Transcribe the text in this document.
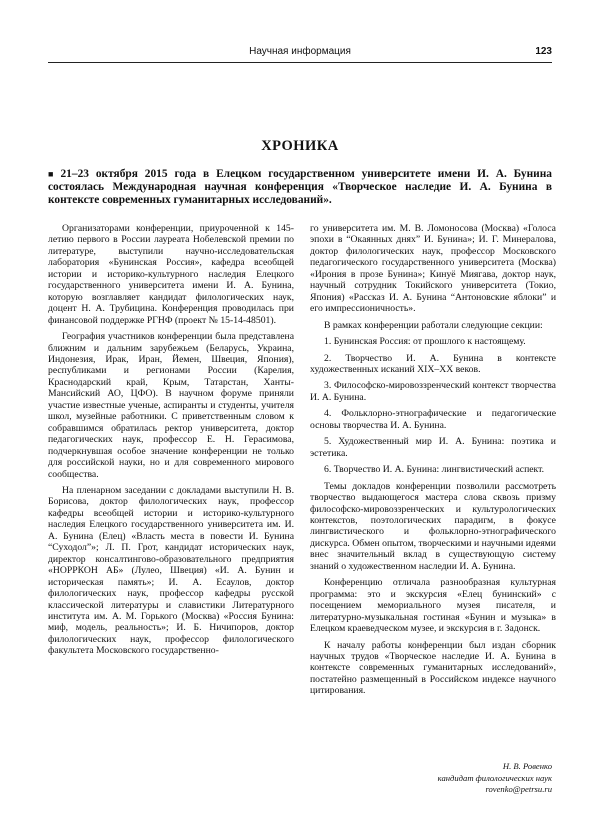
Научная информация	123
ХРОНИКА
■ 21–23 октября 2015 года в Елецком государственном университете имени И. А. Бунина состоялась Международная научная конференция «Творческое наследие И. А. Бунина в контексте современных гуманитарных исследований».

Организаторами конференции, приуроченной к 145-летию первого в России лауреата Нобелевской премии по литературе, выступили научно-исследовательская лаборатория «Бунинская Россия», кафедра всеобщей истории и историко-культурного наследия Елецкого государственного университета имени И. А. Бунина, которую возглавляет кандидат филологических наук, доцент Н. А. Трубицина. Конференция проводилась при финансовой поддержке РГНФ (проект № 15-14-48501).

География участников конференции была представлена ближним и дальним зарубежьем (Беларусь, Украина, Индонезия, Ирак, Иран, Йемен, Швеция, Япония), республиками и регионами России (Карелия, Краснодарский край, Крым, Татарстан, Ханты-Мансийский АО, ЦФО). В научном форуме приняли участие известные ученые, аспиранты и студенты, учителя школ, музейные работники. С приветственным словом к собравшимся обратилась ректор университета, доктор педагогических наук, профессор Е. Н. Герасимова, подчеркнувшая особое значение конференции не только для российской науки, но и для современного мирового сообщества.

На пленарном заседании с докладами выступили Н. В. Борисова, доктор филологических наук, профессор кафедры всеобщей истории и историко-культурного наследия Елецкого государственного университета им. И. А. Бунина (Елец) «Власть места в повести И. Бунина “Суходол”»; Л. П. Грот, кандидат исторических наук, директор консалтингово-образовательного предприятия «НОРРКОН АБ» (Лулео, Швеция) «И. А. Бунин и историческая память»; И. А. Есаулов, доктор филологических наук, профессор кафедры русской классической литературы и славистики Литературного института им. А. М. Горького (Москва) «Россия Бунина: миф, модель, реальность»; И. Б. Ничипоров, доктор филологических наук, профессор филологического факультета Московского государственно-

го университета им. М. В. Ломоносова (Москва) «Голоса эпохи в “Окаянных днях” И. Бунина»; И. Г. Минералова, доктор филологических наук, профессор Московского педагогического государственного университета (Москва) «Ирония в прозе Бунина»; Кинуё Миягава, доктор наук, научный сотрудник Токийского университета (Токио, Япония) «Рассказ И. А. Бунина “Антоновские яблоки” и его импрессионичность».

В рамках конференции работали следующие секции:

1. Бунинская Россия: от прошлого к настоящему.

2. Творчество И. А. Бунина в контексте художественных исканий XIX–XX веков.

3. Философско-мировоззренческий контекст творчества И. А. Бунина.

4. Фольклорно-этнографические и педагогические основы творчества И. А. Бунина.

5. Художественный мир И. А. Бунина: поэтика и эстетика.

6. Творчество И. А. Бунина: лингвистический аспект.

Темы докладов конференции позволили рассмотреть творчество выдающегося мастера слова сквозь призму философско-мировоззренческих и культурологических контекстов, поэтологических парадигм, в фокусе лингвистического и фольклорно-этнографического дискурса. Обмен опытом, творческими и научными идеями внес значительный вклад в существующую систему знаний о художественном наследии И. А. Бунина.

Конференцию отличала разнообразная культурная программа: это и экскурсия «Елец бунинский» с посещением мемориального музея писателя, и литературно-музыкальная гостиная «Бунин и музыка» в Елецком краеведческом музее, и экскурсия в г. Задонск.

К началу работы конференции был издан сборник научных трудов «Творческое наследие И. А. Бунина в контексте современных гуманитарных исследований», постатейно размещенный в Российском индексе научного цитирования.

Н. В. Ровенко
кандидат филологических наук
rovenko@petrsu.ru
